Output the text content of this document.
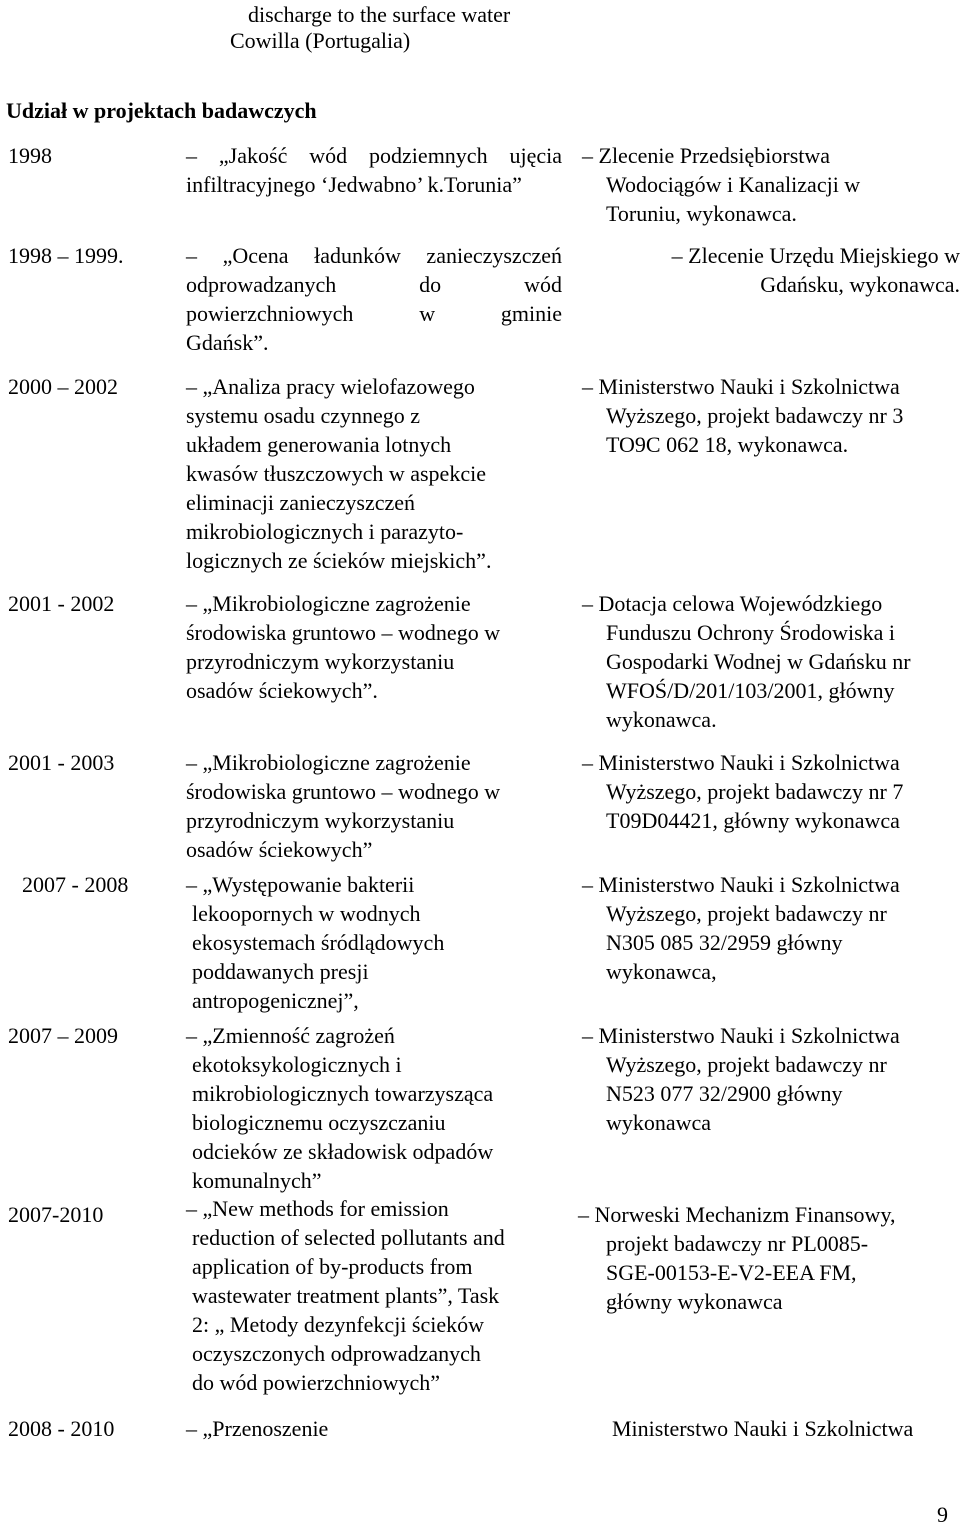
discharge to the surface water
Cowilla (Portugalia)
Udział w projektach badawczych
1998	– „Jakość wód podziemnych ujęcia
infiltracyjnego ‘Jedwabno’ k.Torunia”
– Zlecenie Przedsiębiorstwa
Wodociągów i Kanalizacji w
Toruniu, wykonawca.
1998 – 1999.	– „Ocena ładunków zanieczyszczeń
odprowadzanych do wód
powierzchniowych w gminie
Gdańsk”.
– Zlecenie Urzędu Miejskiego w
Gdańsku, wykonawca.
2000 – 2002	– „Analiza pracy wielofazowego
systemu osadu czynnego z
układem generowania lotnych
kwasów tłuszczowych w aspekcie
eliminacji zanieczyszczeń
mikrobiologicznych i parazyto-
logicznych ze ścieków miejskich”.
– Ministerstwo Nauki i Szkolnictwa
Wyższego, projekt badawczy nr 3
TO9C 062 18, wykonawca.
2001 - 2002	– „Mikrobiologiczne zagrożenie
środowiska gruntowo – wodnego w
przyrodniczym wykorzystaniu
osadów ściekowych”.
– Dotacja celowa Wojewódzkiego
Funduszu Ochrony Środowiska i
Gospodarki Wodnej w Gdańsku nr
WFOŚ/D/201/103/2001, główny
wykonawca.
2001 - 2003	– „Mikrobiologiczne zagrożenie
środowiska gruntowo – wodnego w
przyrodniczym wykorzystaniu
osadów ściekowych”
– Ministerstwo Nauki i Szkolnictwa
Wyższego, projekt badawczy nr 7
T09D04421, główny wykonawca
2007 - 2008	– „Występowanie bakterii
lekoopornych w wodnych
ekosystemach śródlądowych
poddawanych presji
antropogenicznej”,
– Ministerstwo Nauki i Szkolnictwa
Wyższego, projekt badawczy nr
N305 085 32/2959 główny
wykonawca,
2007 – 2009	– „Zmienność zagrożeń
ekotoksykologicznych i
mikrobiologicznych towarzysząca
biologicznemu oczyszczaniu
odcieków ze składowisk odpadów
komunalnych”
– Ministerstwo Nauki i Szkolnictwa
Wyższego, projekt badawczy nr
N523 077 32/2900 główny
wykonawca
2007-2010	– „New methods for emission
reduction of selected pollutants and
application of by-products from
wastewater treatment plants”, Task
2: „ Metody dezynfekcji ścieków
oczyszczonych odprowadzanych
do wód powierzchniowych”
– Norweski Mechanizm Finansowy,
projekt badawczy nr PL0085-
SGE-00153-E-V2-EEA FM,
główny wykonawca
2008 - 2010	– „Przenoszenie	Ministerstwo Nauki i Szkolnictwa
9
